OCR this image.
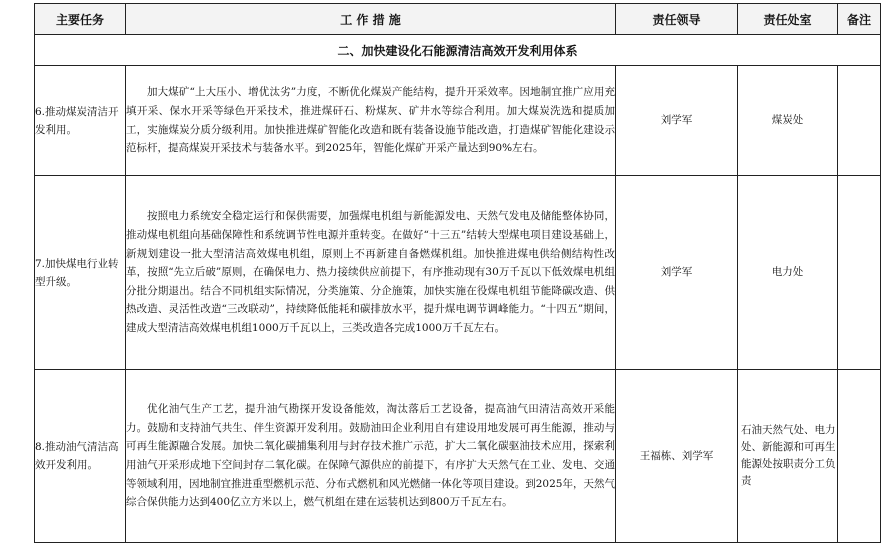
主要任务	工 作 措 施	责任领导	责任处室	备注
二、加快建设化石能源清洁高效开发利用体系				
6.推动煤炭清洁开发利用。	加大煤矿“上大压小、增优汰劣”力度，不断优化煤炭产能结构，提升开采效率。因地制宜推广应用充填开采、保水开采等绿色开采技术，推进煤矸石、粉煤灰、矿井水等综合利用。加大煤炭洗选和提质加工，实施煤炭分质分级利用。加快推进煤矿智能化改造和既有装备设施节能改造，打造煤矿智能化建设示范标杆，提高煤炭开采技术与装备水平。到2025年，智能化煤矿开采产量达到90%左右。	刘学军	煤炭处	
7.加快煤电行业转型升级。	按照电力系统安全稳定运行和保供需要，加强煤电机组与新能源发电、天然气发电及储能整体协同，推动煤电机组向基础保障性和系统调节性电源并重转变。在做好“十三五”结转大型煤电项目建设基础上，新规划建设一批大型清洁高效煤电机组，原则上不再新建自备燃煤机组。加快推进煤电供给侧结构性改革，按照“先立后破”原则，在确保电力、热力接续供应前提下，有序推动现有30万千瓦以下低效煤电机组分批分期退出。结合不同机组实际情况，分类施策、分企施策，加快实施在役煤电机组节能降碳改造、供热改造、灵活性改造“三改联动”，持续降低能耗和碳排放水平，提升煤电调节调峰能力。“十四五”期间，建成大型清洁高效煤电机组1000万千瓦以上，三类改造各完成1000万千瓦左右。	刘学军	电力处	
8.推动油气清洁高效开发利用。	优化油气生产工艺，提升油气勘探开发设备能效，淘汰落后工艺设备，提高油气田清洁高效开采能力。鼓励和支持油气共生、伴生资源开发利用。鼓励油田企业利用自有建设用地发展可再生能源，推动与可再生能源融合发展。加快二氧化碳捕集利用与封存技术推广示范，扩大二氧化碳驱油技术应用，探索利用油气开采形成地下空间封存二氧化碳。在保障气源供应的前提下，有序扩大天然气在工业、发电、交通等领域利用，因地制宜推进重型燃机示范、分布式燃机和风光燃储一体化等项目建设。到2025年，天然气综合保供能力达到400亿立方米以上，燃气机组在建在运装机达到800万千瓦左右。	王福栋、刘学军	石油天然气处、电力处、新能源和可再生能源处按职责分工负责	
